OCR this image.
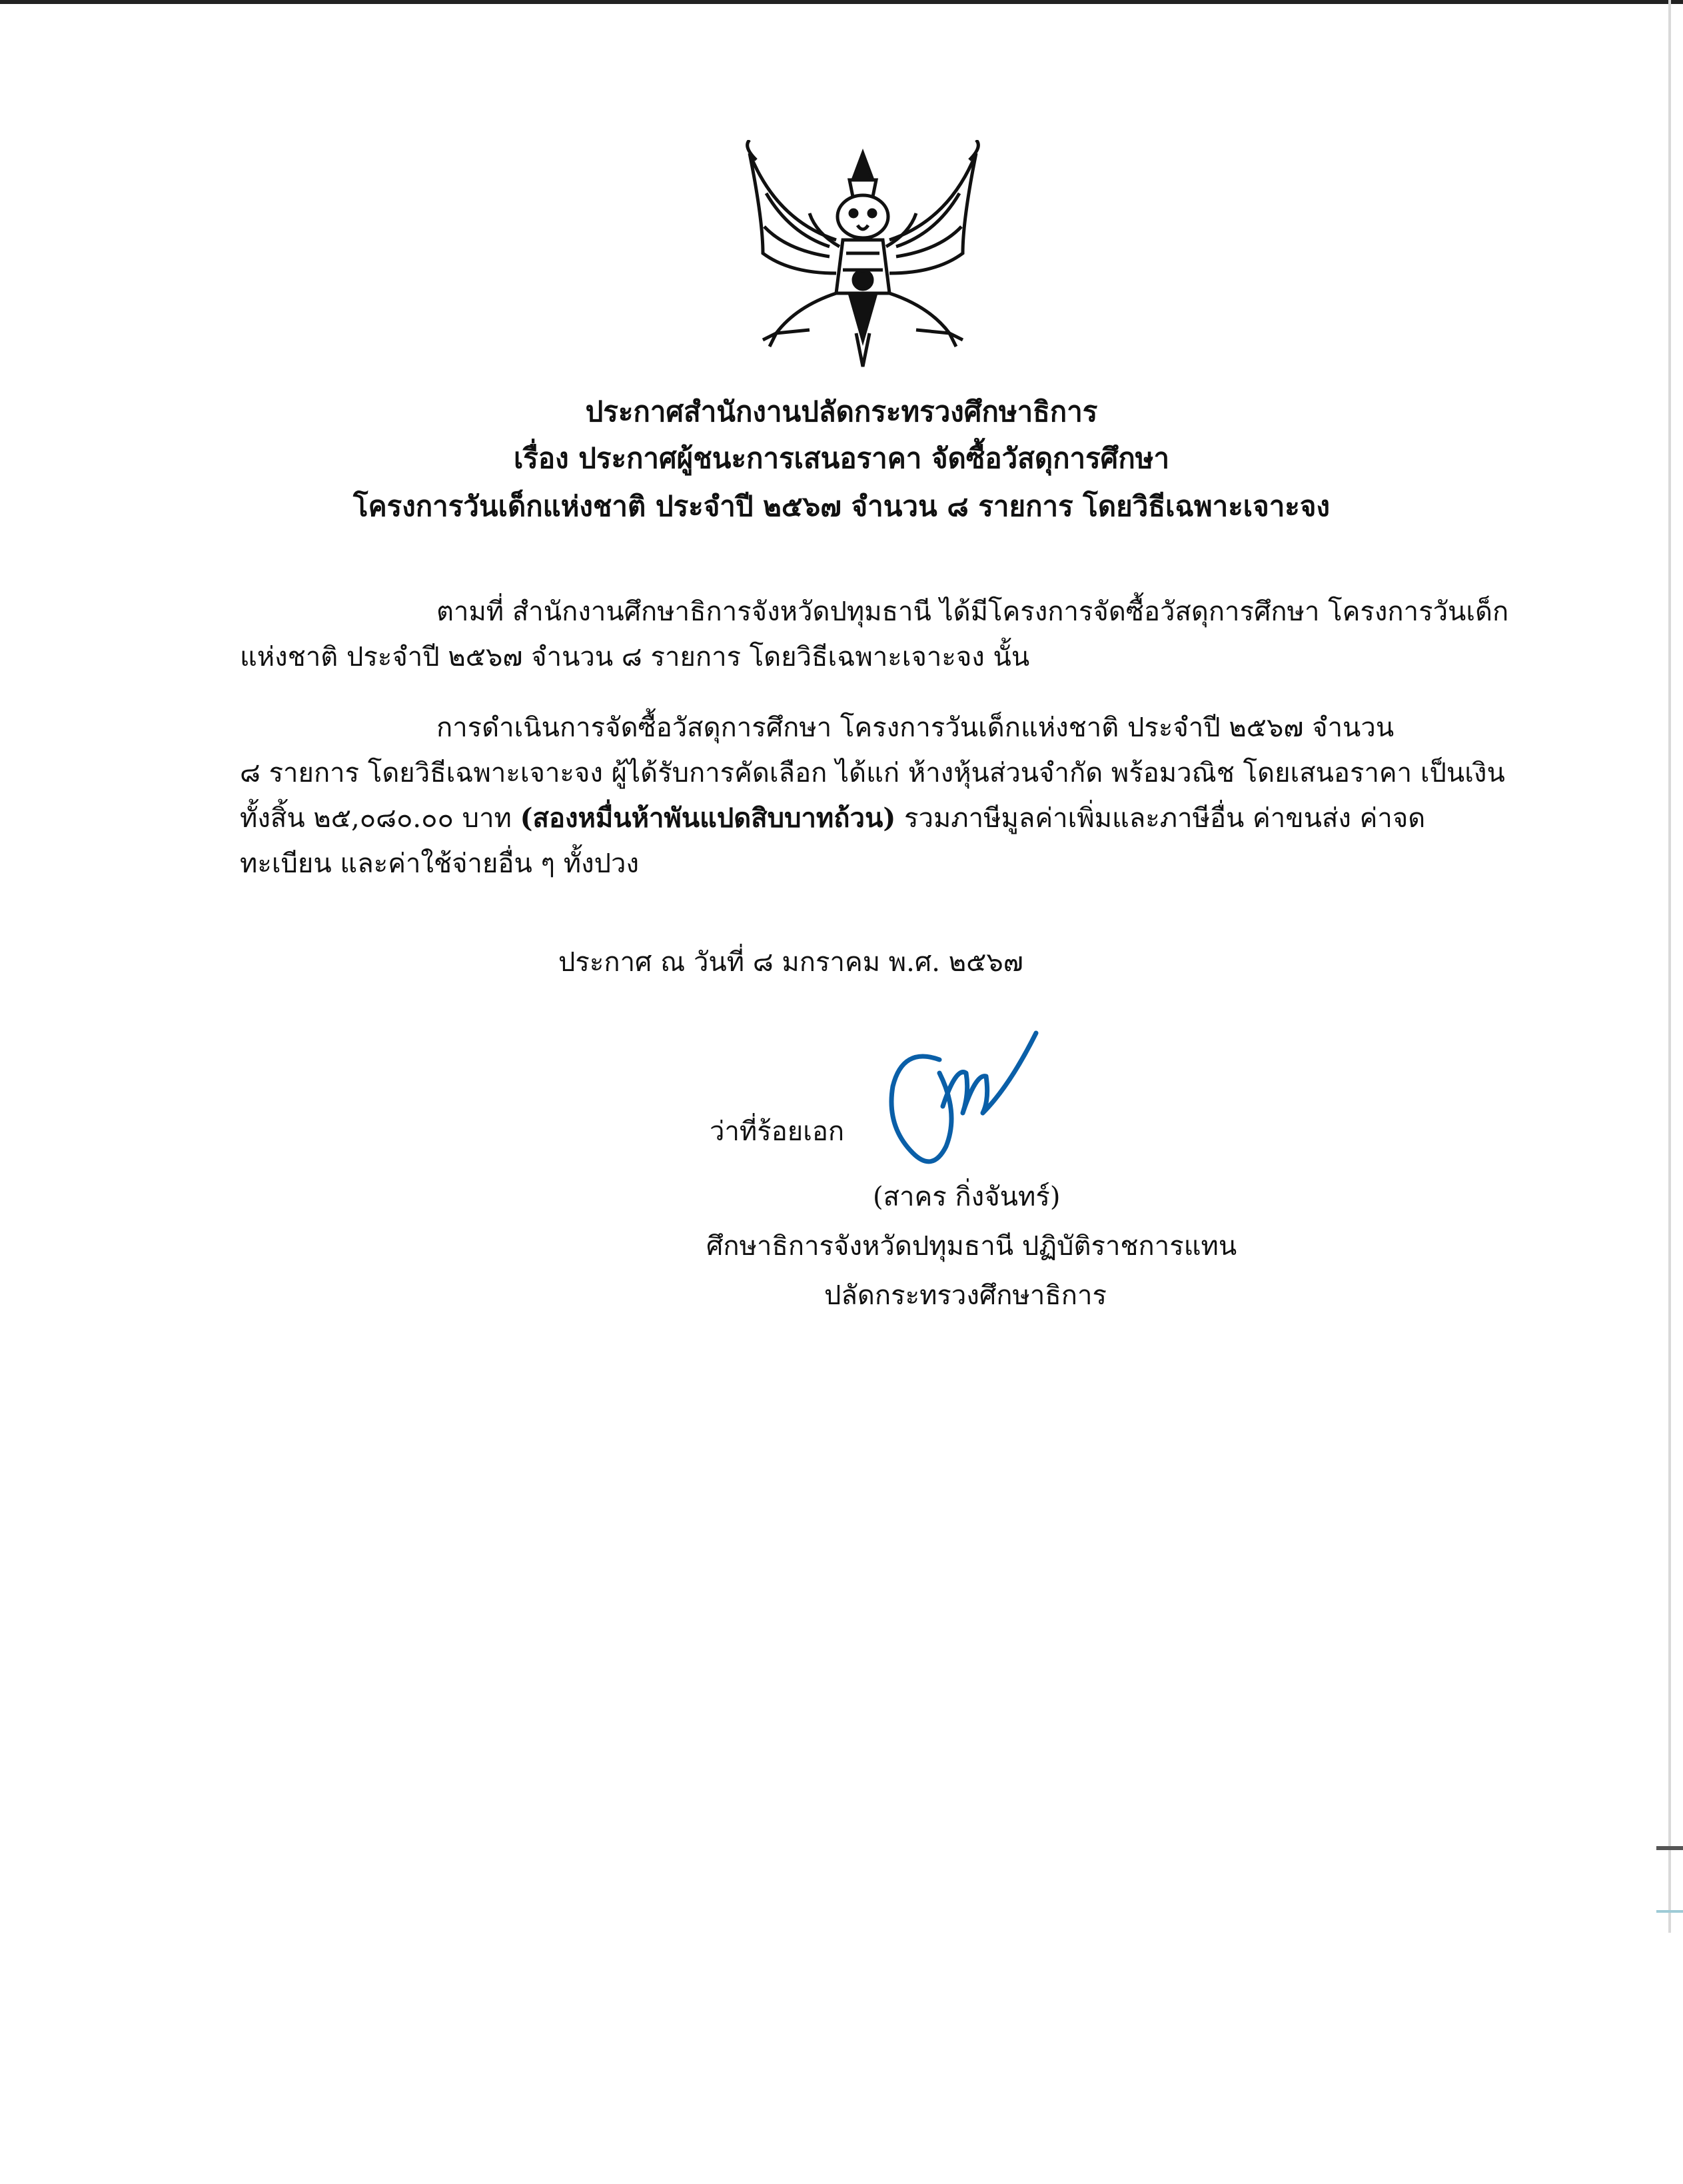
ประกาศสำนักงานปลัดกระทรวงศึกษาธิการ
เรื่อง ประกาศผู้ชนะการเสนอราคา จัดซื้อวัสดุการศึกษา
โครงการวันเด็กแห่งชาติ ประจำปี ๒๕๖๗ จำนวน ๘ รายการ โดยวิธีเฉพาะเจาะจง
ตามที่ สำนักงานศึกษาธิการจังหวัดปทุมธานี ได้มีโครงการจัดซื้อวัสดุการศึกษา โครงการวันเด็ก
แห่งชาติ ประจำปี ๒๕๖๗ จำนวน ๘ รายการ โดยวิธีเฉพาะเจาะจง นั้น
การดำเนินการจัดซื้อวัสดุการศึกษา โครงการวันเด็กแห่งชาติ ประจำปี ๒๕๖๗ จำนวน
๘ รายการ โดยวิธีเฉพาะเจาะจง ผู้ได้รับการคัดเลือก ได้แก่ ห้างหุ้นส่วนจำกัด พร้อมวณิช โดยเสนอราคา เป็นเงิน
ทั้งสิ้น ๒๕,๐๘๐.๐๐ บาท (สองหมื่นห้าพันแปดสิบบาทถ้วน) รวมภาษีมูลค่าเพิ่มและภาษีอื่น ค่าขนส่ง ค่าจด
ทะเบียน และค่าใช้จ่ายอื่น ๆ ทั้งปวง
ประกาศ ณ วันที่ ๘ มกราคม พ.ศ. ๒๕๖๗
ว่าที่ร้อยเอก
(สาคร กิ่งจันทร์)
ศึกษาธิการจังหวัดปทุมธานี ปฏิบัติราชการแทน
ปลัดกระทรวงศึกษาธิการ
